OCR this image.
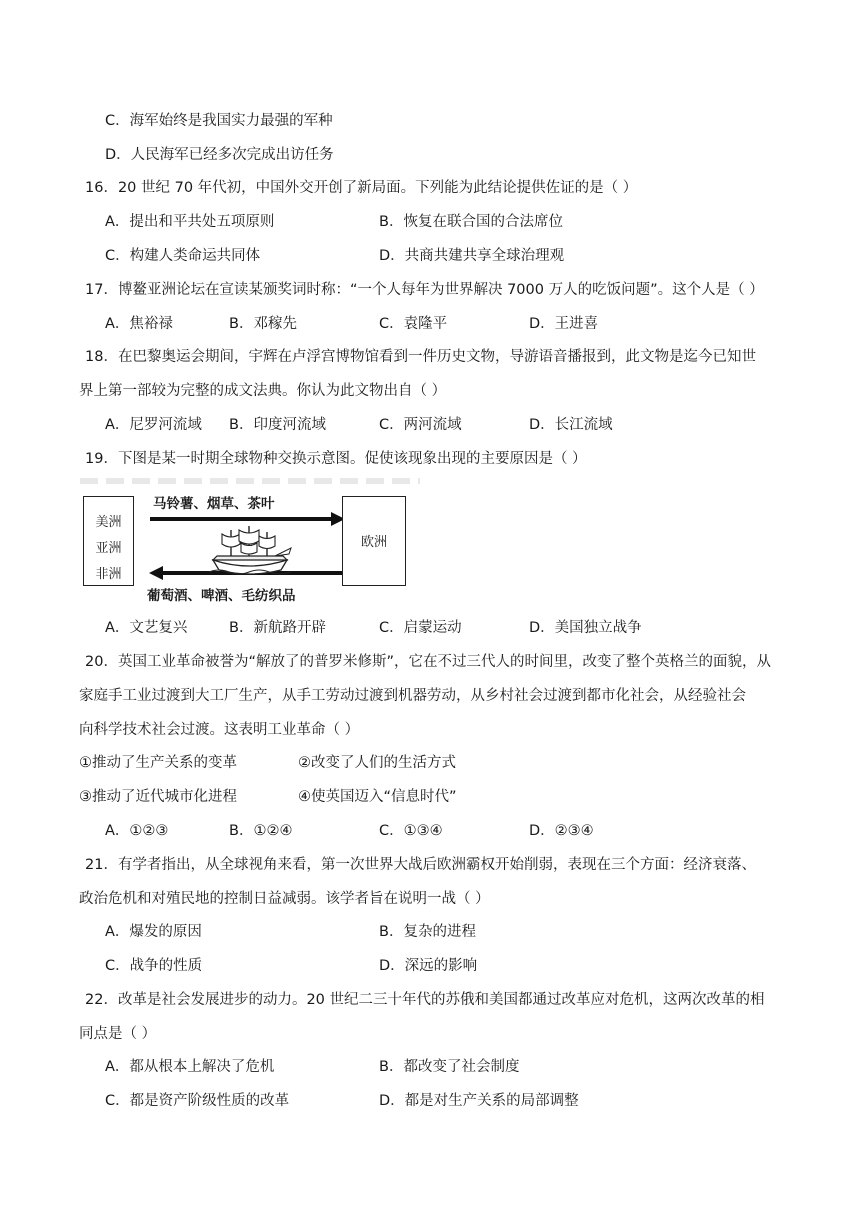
C．海军始终是我国实力最强的军种
D．人民海军已经多次完成出访任务
16．20 世纪 70 年代初，中国外交开创了新局面。下列能为此结论提供佐证的是（ ）
A．提出和平共处五项原则	B．恢复在联合国的合法席位
C．构建人类命运共同体	D．共商共建共享全球治理观
17．博鳌亚洲论坛在宣读某颁奖词时称：“一个人每年为世界解决 7000 万人的吃饭问题”。这个人是（ ）
A．焦裕禄	B．邓稼先	C．袁隆平	D．王进喜
18．在巴黎奥运会期间，宇辉在卢浮宫博物馆看到一件历史文物，导游语音播报到，此文物是迄今已知世
界上第一部较为完整的成文法典。你认为此文物出自（ ）
A．尼罗河流域 B．印度河流域	C．两河流域	D．长江流域
19．下图是某一时期全球物种交换示意图。促使该现象出现的主要原因是（ ）
美洲
亚洲
非洲
欧洲
马铃薯、烟草、茶叶
葡萄酒、啤酒、毛纺织品
A．文艺复兴	B．新航路开辟	C．启蒙运动	D．美国独立战争
20．英国工业革命被誉为“解放了的普罗米修斯”，它在不过三代人的时间里，改变了整个英格兰的面貌，从
家庭手工业过渡到大工厂生产，从手工劳动过渡到机器劳动，从乡村社会过渡到都市化社会，从经验社会
向科学技术社会过渡。这表明工业革命（ ）
①推动了生产关系的变革	②改变了人们的生活方式
③推动了近代城市化进程	④使英国迈入“信息时代”
A．①②③	B．①②④	C．①③④	D．②③④
21．有学者指出，从全球视角来看，第一次世界大战后欧洲霸权开始削弱，表现在三个方面：经济衰落、
政治危机和对殖民地的控制日益减弱。该学者旨在说明一战（ ）
A．爆发的原因	B．复杂的进程
C．战争的性质	D．深远的影响
22．改革是社会发展进步的动力。20 世纪二三十年代的苏俄和美国都通过改革应对危机，这两次改革的相
同点是（ ）
A．都从根本上解决了危机	B．都改变了社会制度
C．都是资产阶级性质的改革	D．都是对生产关系的局部调整
